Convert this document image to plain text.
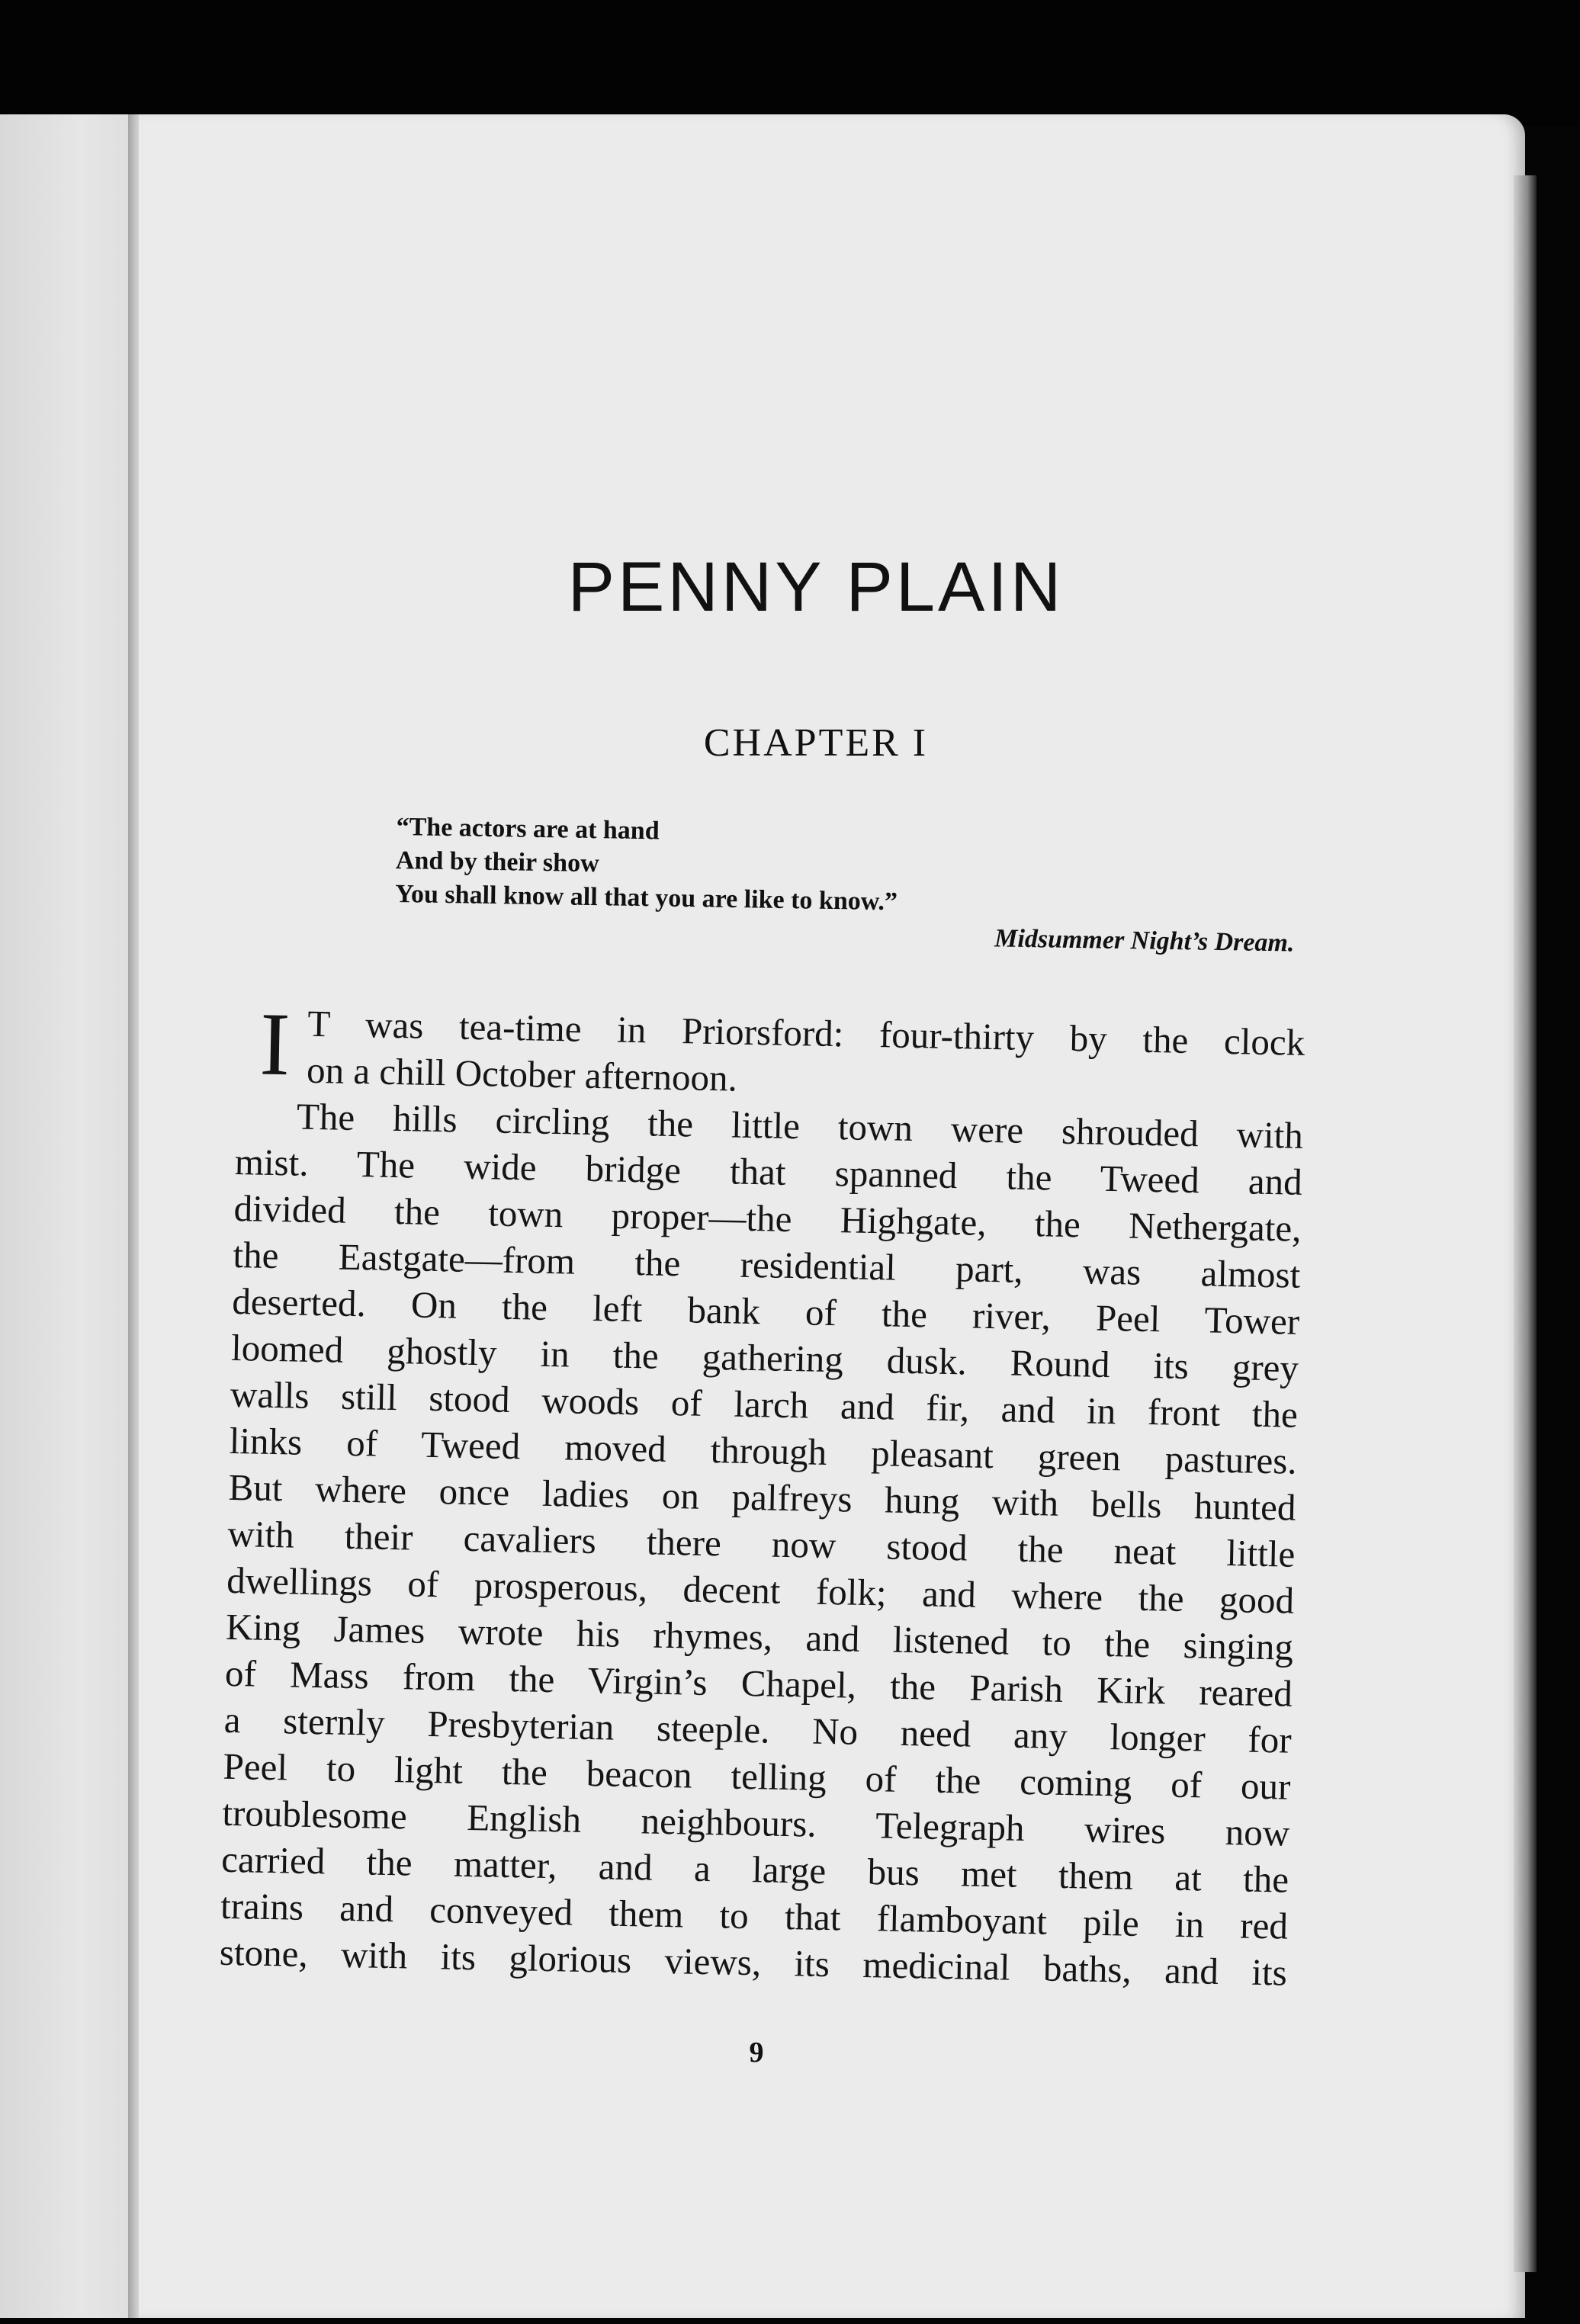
PENNY PLAIN
CHAPTER I
“The actors are at hand
And by their show
You shall know all that you are like to know.”
Midsummer Night’s Dream.
I T was tea-time in Priorsford: four-thirty by the clock
on a chill October afternoon.
The hills circling the little town were shrouded with
mist. The wide bridge that spanned the Tweed and
divided the town proper—the Highgate, the Nethergate,
the Eastgate—from the residential part, was almost
deserted. On the left bank of the river, Peel Tower
loomed ghostly in the gathering dusk. Round its grey
walls still stood woods of larch and fir, and in front the
links of Tweed moved through pleasant green pastures.
But where once ladies on palfreys hung with bells hunted
with their cavaliers there now stood the neat little
dwellings of prosperous, decent folk; and where the good
King James wrote his rhymes, and listened to the singing
of Mass from the Virgin’s Chapel, the Parish Kirk reared
a sternly Presbyterian steeple. No need any longer for
Peel to light the beacon telling of the coming of our
troublesome English neighbours. Telegraph wires now
carried the matter, and a large bus met them at the
trains and conveyed them to that flamboyant pile in red
stone, with its glorious views, its medicinal baths, and its
9
